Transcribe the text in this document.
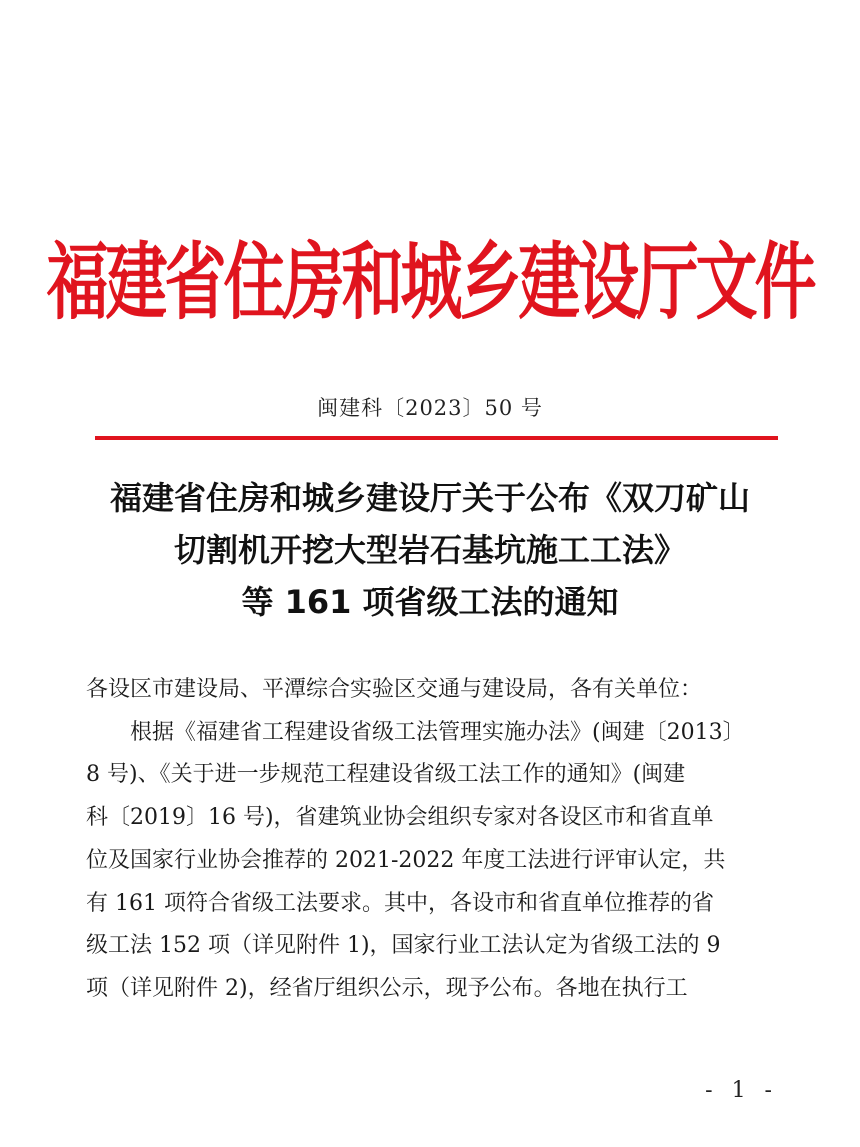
福建省住房和城乡建设厅文件
闽建科〔2023〕50 号
福建省住房和城乡建设厅关于公布《双刀矿山
切割机开挖大型岩石基坑施工工法》
等 161 项省级工法的通知

各设区市建设局、平潭综合实验区交通与建设局，各有关单位：

根据《福建省工程建设省级工法管理实施办法》(闽建〔2013〕

8 号)、《关于进一步规范工程建设省级工法工作的通知》(闽建

科〔2019〕16 号)，省建筑业协会组织专家对各设区市和省直单

位及国家行业协会推荐的 2021-2022 年度工法进行评审认定，共

有 161 项符合省级工法要求。其中，各设市和省直单位推荐的省

级工法 152 项（详见附件 1)，国家行业工法认定为省级工法的 9

项（详见附件 2)，经省厅组织公示，现予公布。各地在执行工

- 1 -
